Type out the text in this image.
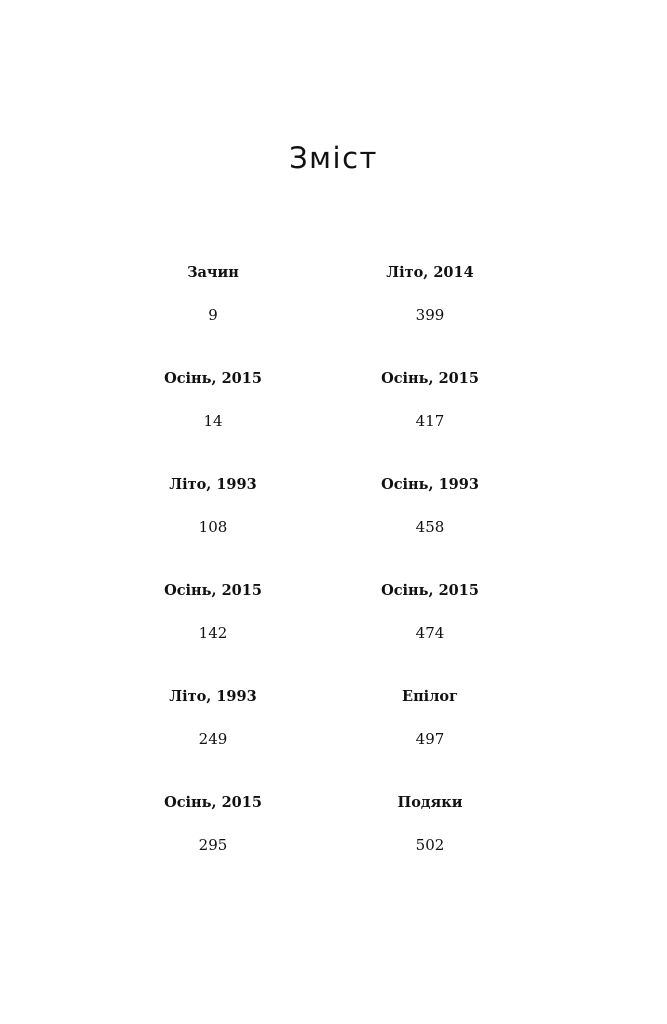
Зміст
Зачин
9
Осінь, 2015
14
Літо, 1993
108
Осінь, 2015
142
Літо, 1993
249
Осінь, 2015
295
Літо, 2014
399
Осінь, 2015
417
Осінь, 1993
458
Осінь, 2015
474
Епілог
497
Подяки
502
